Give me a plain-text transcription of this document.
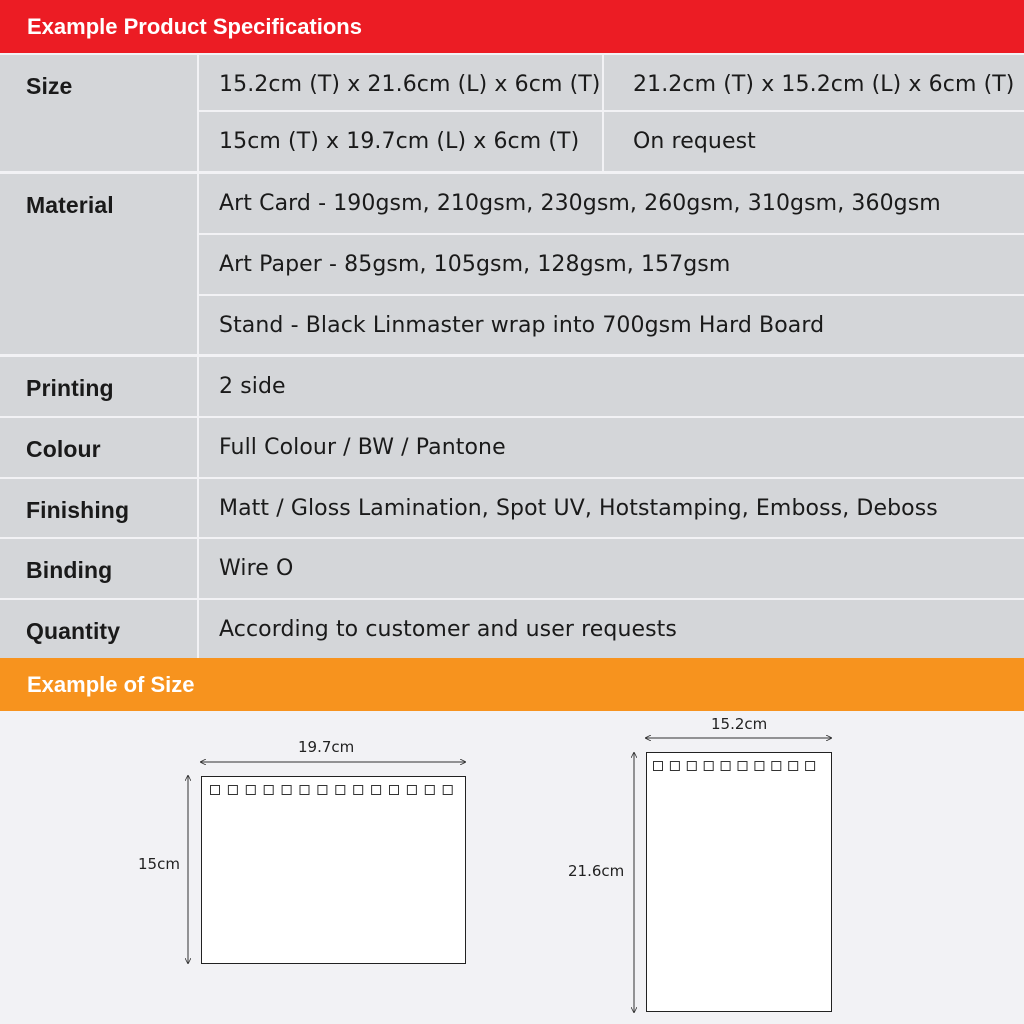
Example Product Specifications
Size	15.2cm (T) x 21.6cm (L) x 6cm (T)	21.2cm (T) x 15.2cm (L) x 6cm (T)
15cm (T) x 19.7cm (L) x 6cm (T)	On request
Material	Art Card - 190gsm, 210gsm, 230gsm, 260gsm, 310gsm, 360gsm
Art Paper - 85gsm, 105gsm, 128gsm, 157gsm
Stand - Black Linmaster wrap into 700gsm Hard Board
Printing	2 side
Colour	Full Colour / BW / Pantone
Finishing	Matt / Gloss Lamination, Spot UV, Hotstamping, Emboss, Deboss
Binding	Wire O
Quantity	According to customer and user requests
Example of Size
19.7cm
15cm
15.2cm
21.6cm
